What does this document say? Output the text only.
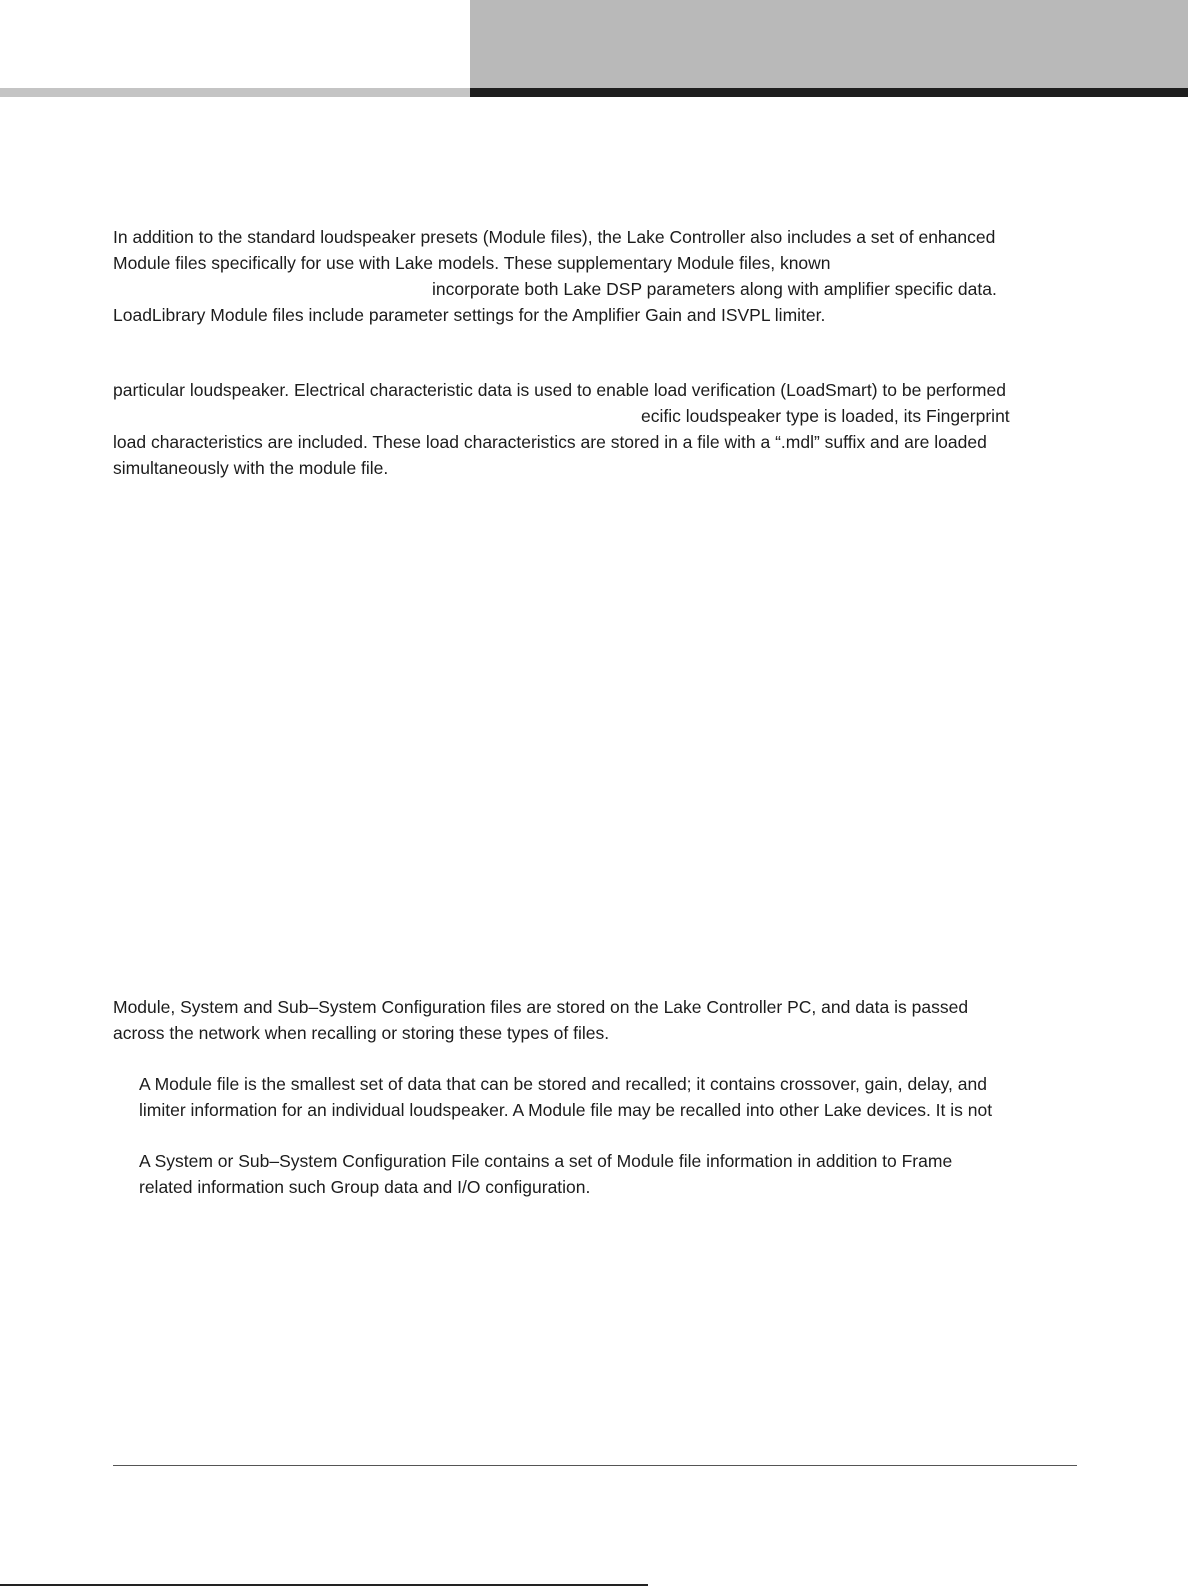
In addition to the standard loudspeaker presets (Module files), the Lake Controller also includes a set of enhanced

Module files specifically for use with Lake models. These supplementary Module files, known

incorporate both Lake DSP parameters along with amplifier specific data.

LoadLibrary Module files include parameter settings for the Amplifier Gain and ISVPL limiter.

particular loudspeaker. Electrical characteristic data is used to enable load verification (LoadSmart) to be performed

ecific loudspeaker type is loaded, its Fingerprint

load characteristics are included. These load characteristics are stored in a file with a “.mdl” suffix and are loaded

simultaneously with the module file.

Module, System and Sub–System Configuration files are stored on the Lake Controller PC, and data is passed

across the network when recalling or storing these types of files.

A Module file is the smallest set of data that can be stored and recalled; it contains crossover, gain, delay, and

limiter information for an individual loudspeaker. A Module file may be recalled into other Lake devices. It is not

A System or Sub–System Configuration File contains a set of Module file information in addition to Frame

related information such Group data and I/O configuration.
